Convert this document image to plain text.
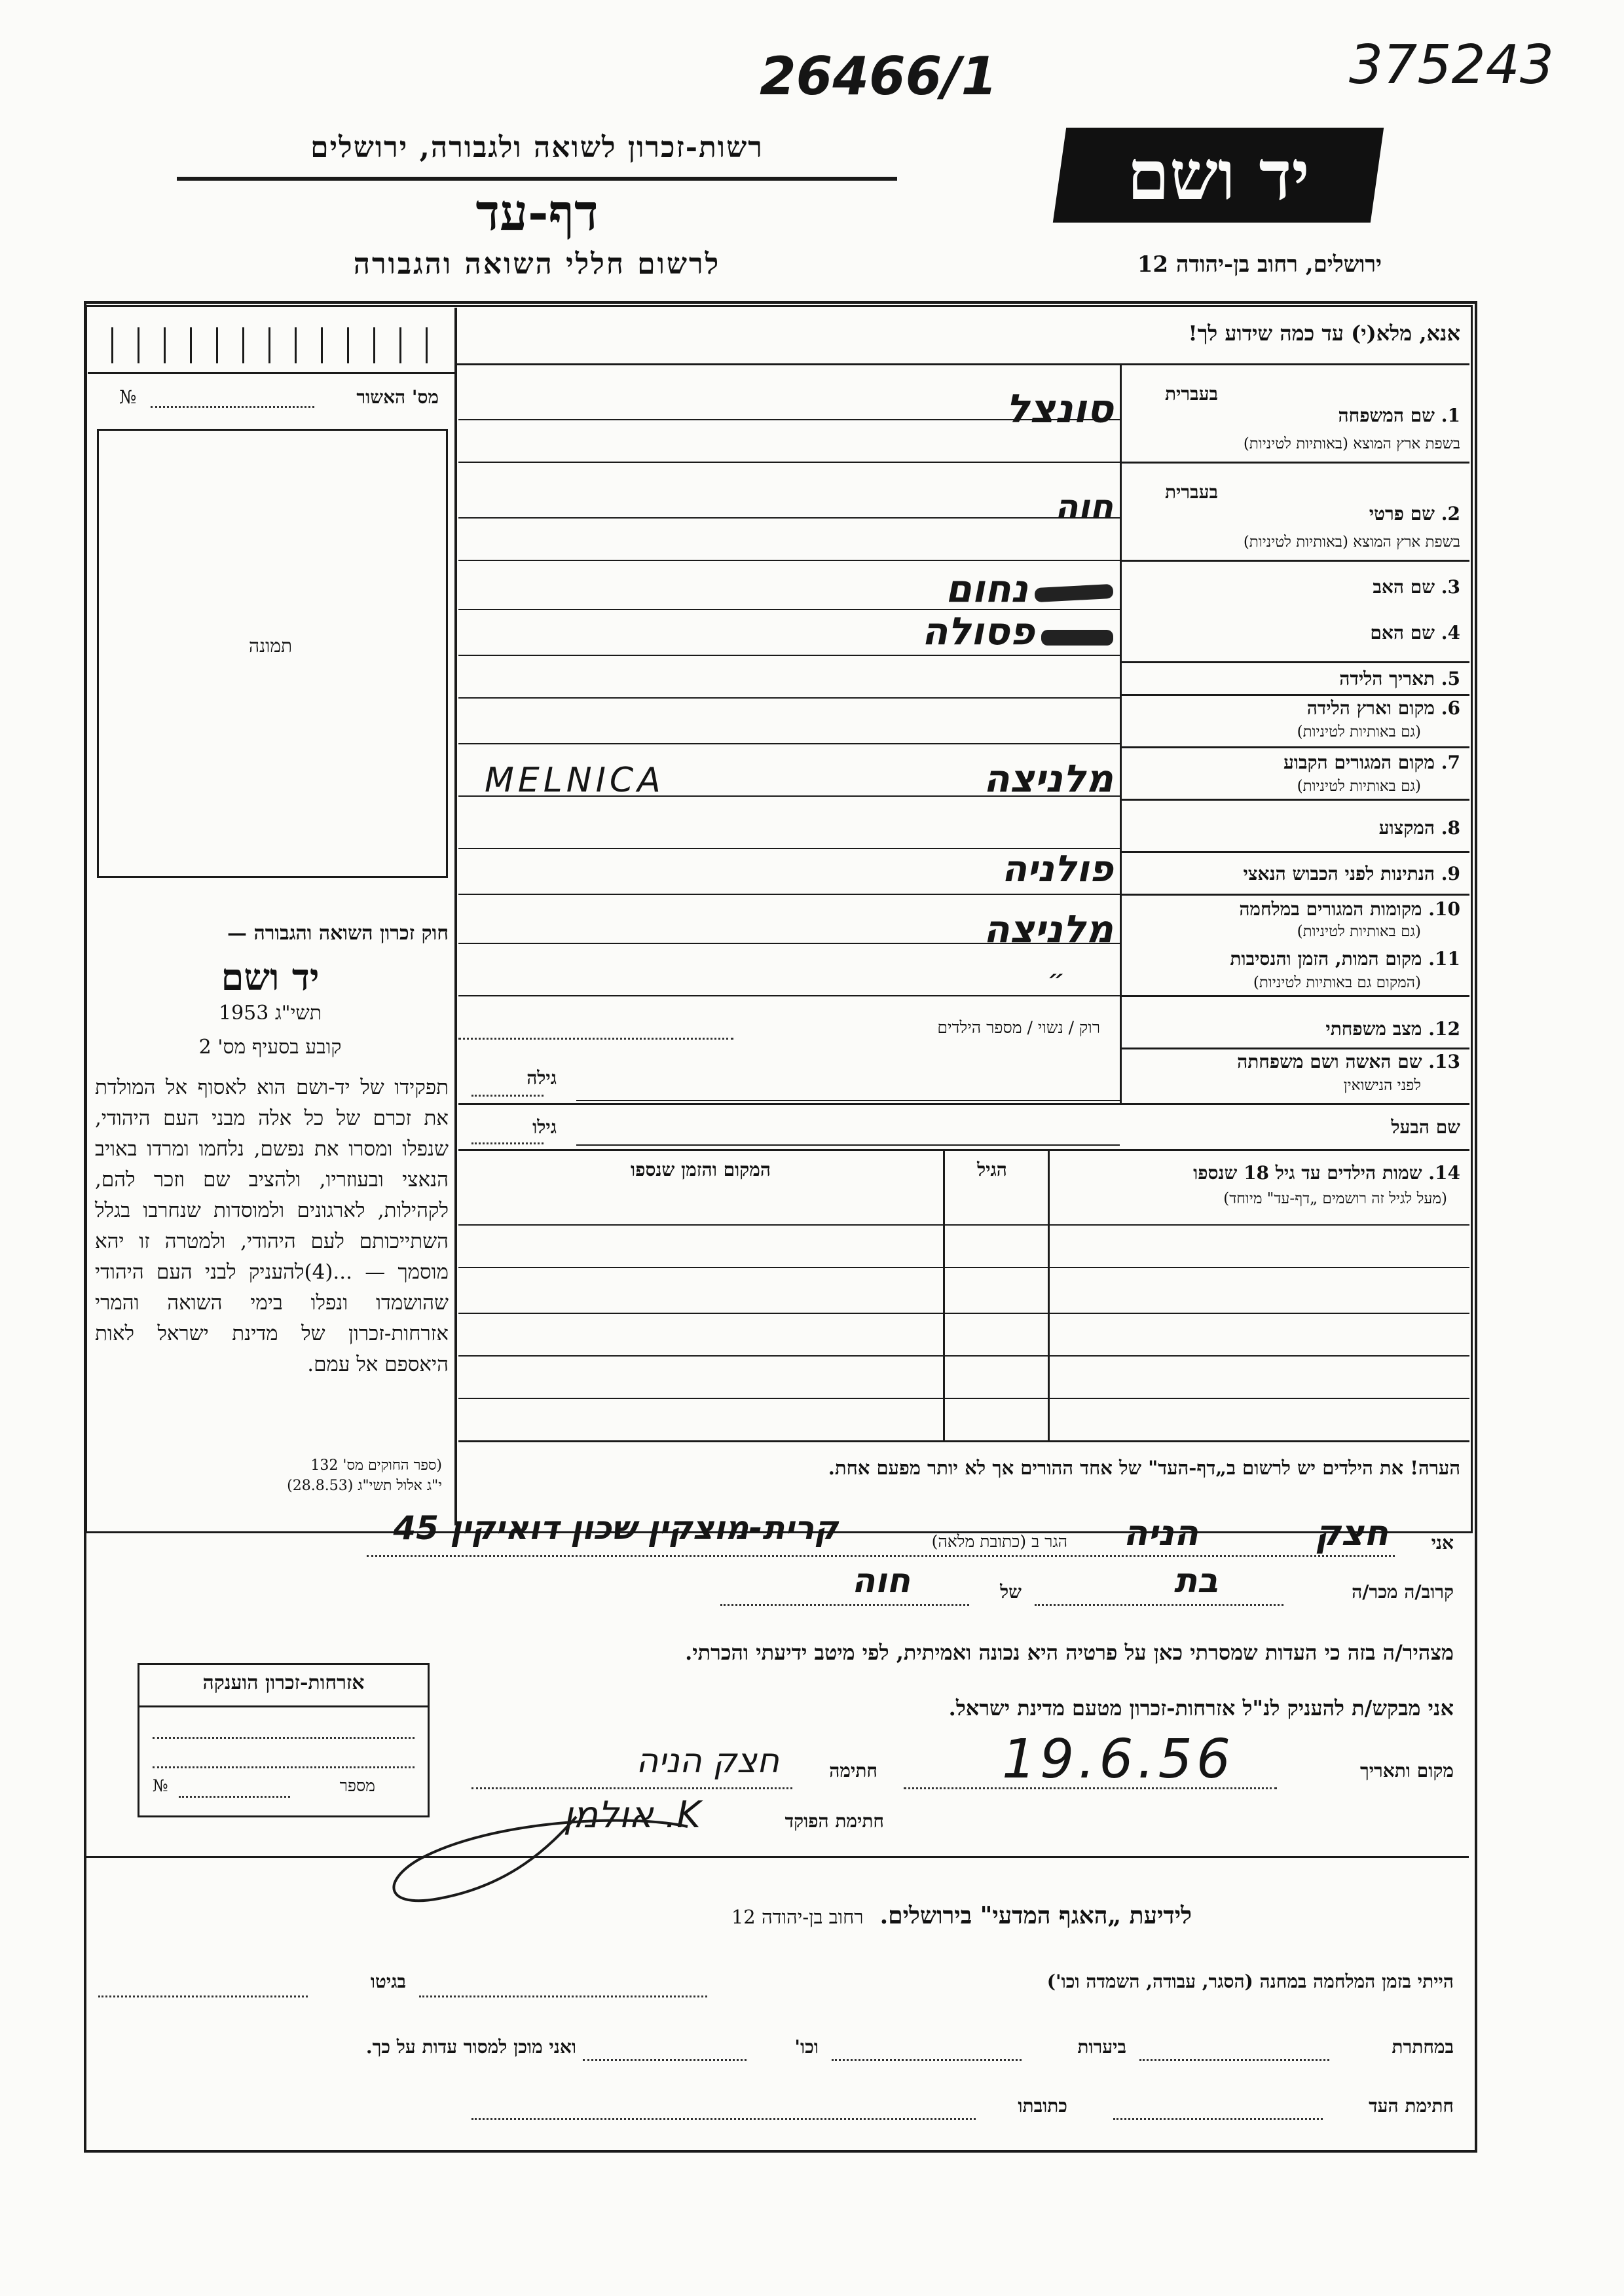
26466/1	375243
רשות-זכרון לשואה ולגבורה, ירושלים
דף-עד
לרשום חללי השואה והגבורה
יד ושם
ירושלים, רחוב בן-יהודה 12
מס' האשור
№
תמונה
חוק זכרון השואה והגבורה —
יד ושם
תשי"ג 1953
קובע בסעיף מס' 2
תפקידו של יד-ושם הוא לאסוף אל המולדת את זכרם של כל אלה מבני העם היהודי, שנפלו ומסרו את נפשם, נלחמו ומרדו באויב הנאצי ובעוזריו, ולהציב שם וזכר להם, לקהילות, לארגונים ולמוסדות שנחרבו בגלל השתייכותם לעם היהודי, ולמטרה זו יהא מוסמך — ...(4)להעניק לבני העם היהודי שהושמדו ונפלו בימי השואה והמרי אזרחות-זכרון של מדינת ישראל לאות היאספם אל עמם.
(ספר החוקים מס' 132
י"ג אלול תשי"ג (28.8.53)
אנא, מלא(י) עד כמה שידוע לך!
בעברית
1. שם המשפחה
בשפת ארץ המוצא (באותיות לטיניות)
בעברית
2. שם פרטי
בשפת ארץ המוצא (באותיות לטיניות)
3. שם האב
4. שם האם
5. תאריך הלידה
6. מקום וארץ הלידה
(גם באותיות לטיניות)
7. מקום המגורים הקבוע
(גם באותיות לטיניות)
8. המקצוע
9. הנתינות לפני הכבוש הנאצי
10. מקומות המגורים במלחמה
(גם באותיות לטיניות)
11. מקום המות, הזמן והנסיבות
(המקום גם באותיות לטיניות)
12. מצב משפחתי
רוק / נשוי / מספר הילדים
13. שם האשה ושם משפחתה
לפני הנישואין
גילה
שם הבעל
גילו
14. שמות הילדים עד גיל 18 שנספו
(מעל לגיל זה רושמים „דף-עד" מיוחד)
הגיל
המקום והזמן שנספו
הערה! את הילדים יש לרשום ב„דף-העד" של אחד ההורים אך לא יותר מפעם אחת.
סונצל
חוה
נחום
פסולה
MELNICA	מלניצה
פולניה
מלניצה
״
אני
חצק
הניה
הגר ב (כתובת מלאה)
קרית-מוצקין שכון דואיקין 45
קרוב/ה מכר/ה
בת
של
חוה
מצהיר/ה בזה כי העדות שמסרתי כאן על פרטיה היא נכונה ואמיתית, לפי מיטב ידיעתי והכרתי.
אני מבקש/ת להעניק לנ"ל אזרחות-זכרון מטעם מדינת ישראל.
מקום ותאריך
19.6.56
חתימה
חצק הניה
חתימת הפוקד
K. אולמן
אזרחות-זכרון הוענקה
מספר
№
לידיעת „האגף המדעי" בירושלים.  רחוב בן-יהודה 12
הייתי בזמן המלחמה במחנה (הסגר, עבודה, השמדה וכו')
בגיטו
במחתרת
ביערות
וכו'
ואני מוכן למסור עדות על כך.
חתימת העד
כתובתו
